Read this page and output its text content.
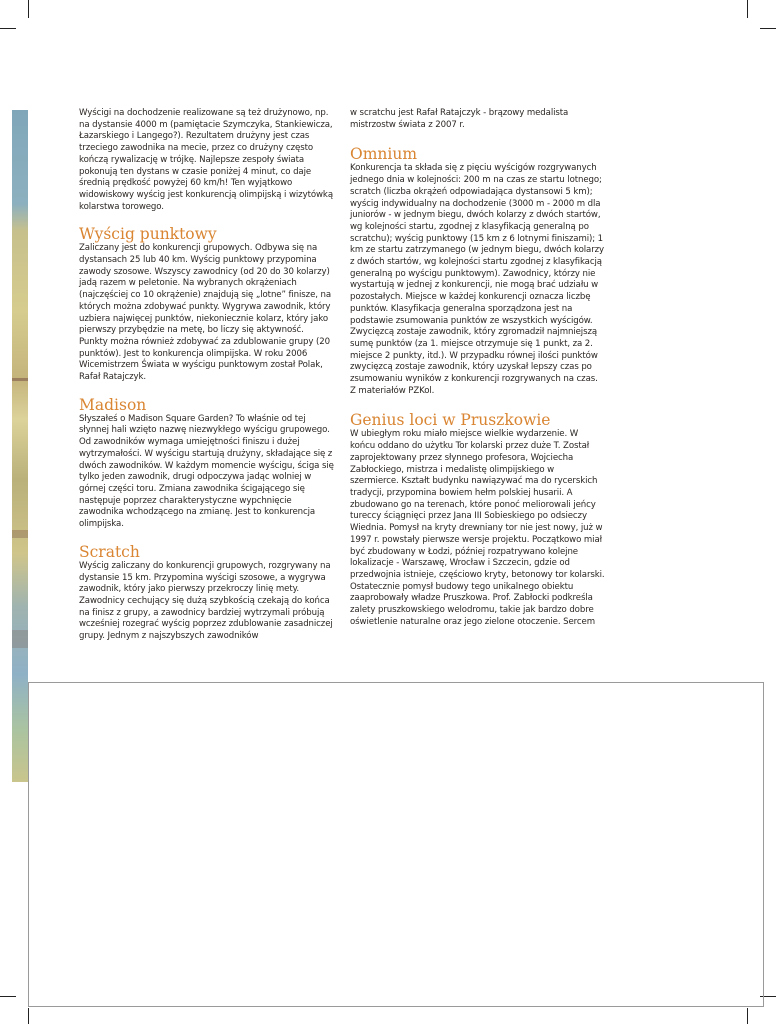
Wyścigi na dochodzenie realizowane są też drużynowo, np. na dystansie 4000 m (pamiętacie Szymczyka, Stankiewicza, Łazarskiego i Langego?). Rezultatem drużyny jest czas trzeciego zawodnika na mecie, przez co drużyny często kończą rywalizację w trójkę. Najlepsze zespoły świata pokonują ten dystans w czasie poniżej 4 minut, co daje średnią prędkość powyżej 60 km/h! Ten wyjątkowo widowiskowy wyścig jest konkurencją olimpijską i wizytówką kolarstwa torowego.

Wyścig punktowy

Zaliczany jest do konkurencji grupowych. Odbywa się na dystansach 25 lub 40 km. Wyścig punktowy przypomina zawody szosowe. Wszyscy zawodnicy (od 20 do 30 kolarzy) jadą razem w peletonie. Na wybranych okrążeniach (najczęściej co 10 okrążenie) znajdują się „lotne” finisze, na których można zdobywać punkty. Wygrywa zawodnik, który uzbiera najwięcej punktów, niekoniecznie kolarz, który jako pierwszy przybędzie na metę, bo liczy się aktywność. Punkty można również zdobywać za zdublowanie grupy (20 punktów). Jest to konkurencja olimpijska. W roku 2006 Wicemistrzem Świata w wyścigu punktowym został Polak, Rafał Ratajczyk.

Madison

Słyszałeś o Madison Square Garden? To właśnie od tej słynnej hali wzięto nazwę niezwykłego wyścigu grupowego. Od zawodników wymaga umiejętności finiszu i dużej wytrzymałości. W wyścigu startują drużyny, składające się z dwóch zawodników. W każdym momencie wyścigu, ściga się tylko jeden zawodnik, drugi odpoczywa jadąc wolniej w górnej części toru. Zmiana zawodnika ścigającego się następuje poprzez charakterystyczne wypchnięcie zawodnika wchodzącego na zmianę. Jest to konkurencja olimpijska.

Scratch

Wyścig zaliczany do konkurencji grupowych, rozgrywany na dystansie 15 km. Przypomina wyścigi szosowe, a wygrywa zawodnik, który jako pierwszy przekroczy linię mety. Zawodnicy cechujący się dużą szybkością czekają do końca na finisz z grupy, a zawodnicy bardziej wytrzymali próbują wcześniej rozegrać wyścig poprzez zdublowanie zasadniczej grupy. Jednym z najszybszych zawodników

w scratchu jest Rafał Ratajczyk - brązowy medalista mistrzostw świata z 2007 r.

Omnium

Konkurencja ta składa się z pięciu wyścigów rozgrywanych jednego dnia w kolejności: 200 m na czas ze startu lotnego; scratch (liczba okrążeń odpowiadająca dystansowi 5 km); wyścig indywidualny na dochodzenie (3000 m - 2000 m dla juniorów - w jednym biegu, dwóch kolarzy z dwóch startów, wg kolejności startu, zgodnej z klasyfikacją generalną po scratchu); wyścig punktowy (15 km z 6 lotnymi finiszami); 1 km ze startu zatrzymanego (w jednym biegu, dwóch kolarzy z dwóch startów, wg kolejności startu zgodnej z klasyfikacją generalną po wyścigu punktowym). Zawodnicy, którzy nie wystartują w jednej z konkurencji, nie mogą brać udziału w pozostałych. Miejsce w każdej konkurencji oznacza liczbę punktów. Klasyfikacja generalna sporządzona jest na podstawie zsumowania punktów ze wszystkich wyścigów. Zwycięzcą zostaje zawodnik, który zgromadził najmniejszą sumę punktów (za 1. miejsce otrzymuje się 1 punkt, za 2. miejsce 2 punkty, itd.). W przypadku równej ilości punktów zwycięzcą zostaje zawodnik, który uzyskał lepszy czas po zsumowaniu wyników z konkurencji rozgrywanych na czas. Z materiałów PZKol.

Genius loci w Pruszkowie

W ubiegłym roku miało miejsce wielkie wydarzenie. W końcu oddano do użytku Tor kolarski przez duże T. Został zaprojektowany przez słynnego profesora, Wojciecha Zabłockiego, mistrza i medalistę olimpijskiego w szermierce. Kształt budynku nawiązywać ma do rycerskich tradycji, przypomina bowiem hełm polskiej husarii. A zbudowano go na terenach, które ponoć meliorowali jeńcy tureccy ściągnięci przez Jana III Sobieskiego po odsieczy Wiednia. Pomysł na kryty drewniany tor nie jest nowy, już w 1997 r. powstały pierwsze wersje projektu. Początkowo miał być zbudowany w Łodzi, później rozpatrywano kolejne lokalizacje - Warszawę, Wrocław i Szczecin, gdzie od przedwojnia istnieje, częściowo kryty, betonowy tor kolarski. Ostatecznie pomysł budowy tego unikalnego obiektu zaaprobowały władze Pruszkowa. Prof. Zabłocki podkreśla zalety pruszkowskiego welodromu, takie jak bardzo dobre oświetlenie naturalne oraz jego zielone otoczenie. Sercem
